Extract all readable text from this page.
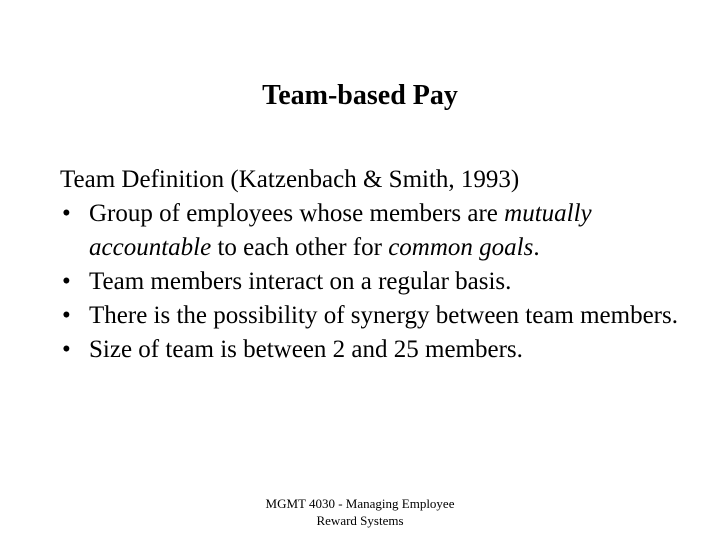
Team-based Pay

Team Definition (Katzenbach & Smith, 1993)

• Group of employees whose members are mutually accountable to each other for common goals.
• Team members interact on a regular basis.
• There is the possibility of synergy between team members.
• Size of team is between 2 and 25 members.
MGMT 4030 - Managing Employee
Reward Systems
